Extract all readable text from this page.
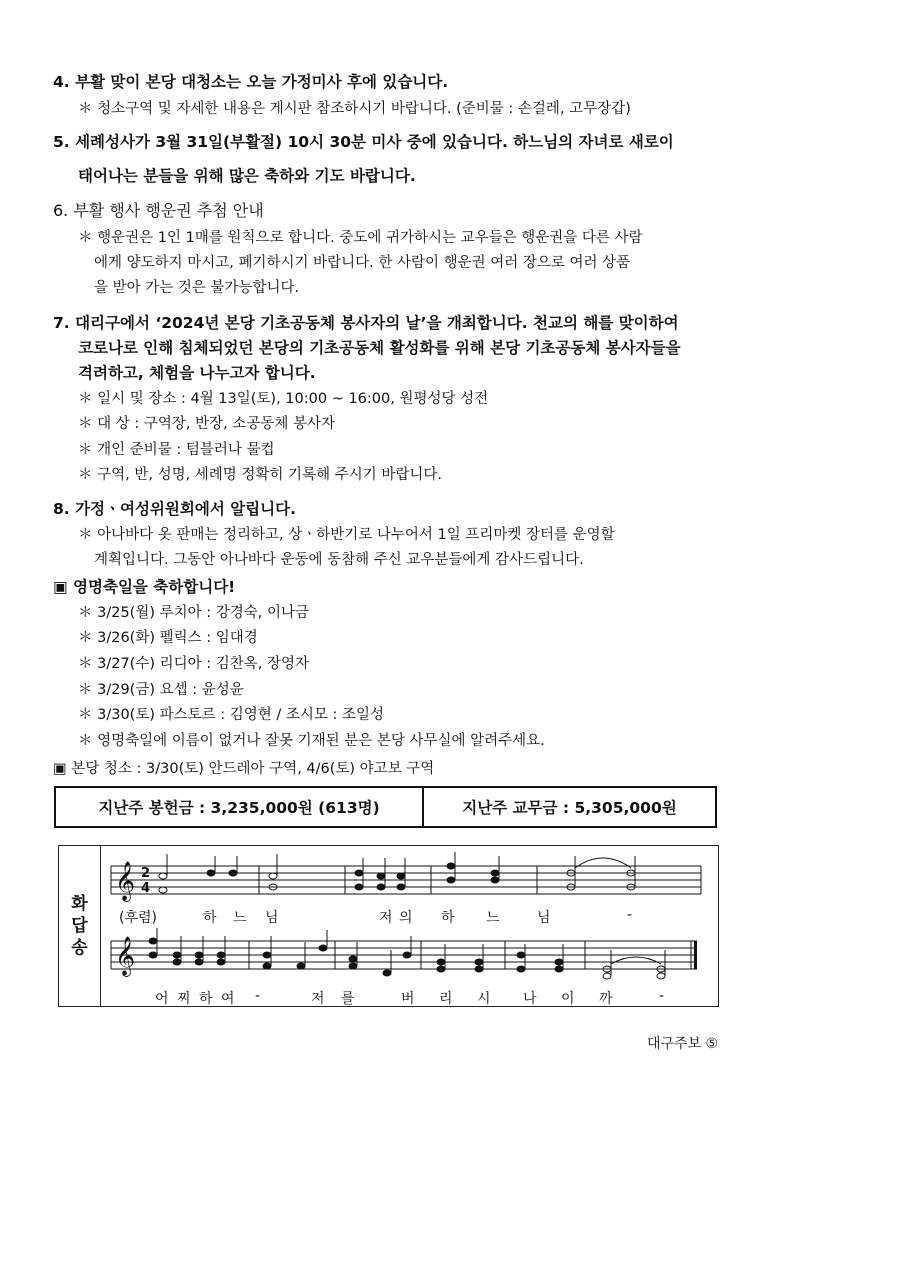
4. 부활 맞이 본당 대청소는 오늘 가정미사 후에 있습니다.
＊ 청소구역 및 자세한 내용은 게시판 참조하시기 바랍니다. (준비물 : 손걸레, 고무장갑)
5. 세례성사가 3월 31일(부활절) 10시 30분 미사 중에 있습니다. 하느님의 자녀로 새로이
태어나는 분들을 위해 많은 축하와 기도 바랍니다.
6. 부활 행사 행운권 추첨 안내
＊ 행운권은 1인 1매를 원칙으로 합니다. 중도에 귀가하시는 교우들은 행운권을 다른 사람
에게 양도하지 마시고, 폐기하시기 바랍니다. 한 사람이 행운권 여러 장으로 여러 상품
을 받아 가는 것은 불가능합니다.
7. 대리구에서 ‘2024년 본당 기초공동체 봉사자의 날’을 개최합니다. 천교의 해를 맞이하여
코로나로 인해 침체되었던 본당의 기초공동체 활성화를 위해 본당 기초공동체 봉사자들을
격려하고, 체험을 나누고자 합니다.
＊ 일시 및 장소 : 4월 13일(토), 10:00 ~ 16:00, 원평성당 성전
＊ 대 상 : 구역장, 반장, 소공동체 봉사자
＊ 개인 준비물 : 텀블러나 물컵
＊ 구역, 반, 성명, 세례명 정확히 기록해 주시기 바랍니다.
8. 가정ㆍ여성위원회에서 알립니다.
＊ 아나바다 옷 판매는 정리하고, 상ㆍ하반기로 나누어서 1일 프리마켓 장터를 운영할
계획입니다. 그동안 아나바다 운동에 동참해 주신 교우분들에게 감사드립니다.
▣ 영명축일을 축하합니다!
＊ 3/25(월) 루치아 : 강경숙, 이나금
＊ 3/26(화) 펠릭스 : 임대경
＊ 3/27(수) 리디아 : 김찬옥, 장영자
＊ 3/29(금) 요셉 : 윤성윤
＊ 3/30(토) 파스토르 : 김영현 / 조시모 : 조일성
＊ 영명축일에 이름이 없거나 잘못 기재된 분은 본당 사무실에 알려주세요.
▣ 본당 청소 : 3/30(토) 안드레아 구역, 4/6(토) 야고보 구역
지난주 봉헌금 : 3,235,000원 (613명)	지난주 교무금 : 5,305,000원
화
답
송
𝄞
𝄞
2
4
(후렴)	하 느 님	저 의 하 느	님	-
어 찌 하 여 -	저 를	버 리 시 나 이 까	-
대구주보 ⑤
